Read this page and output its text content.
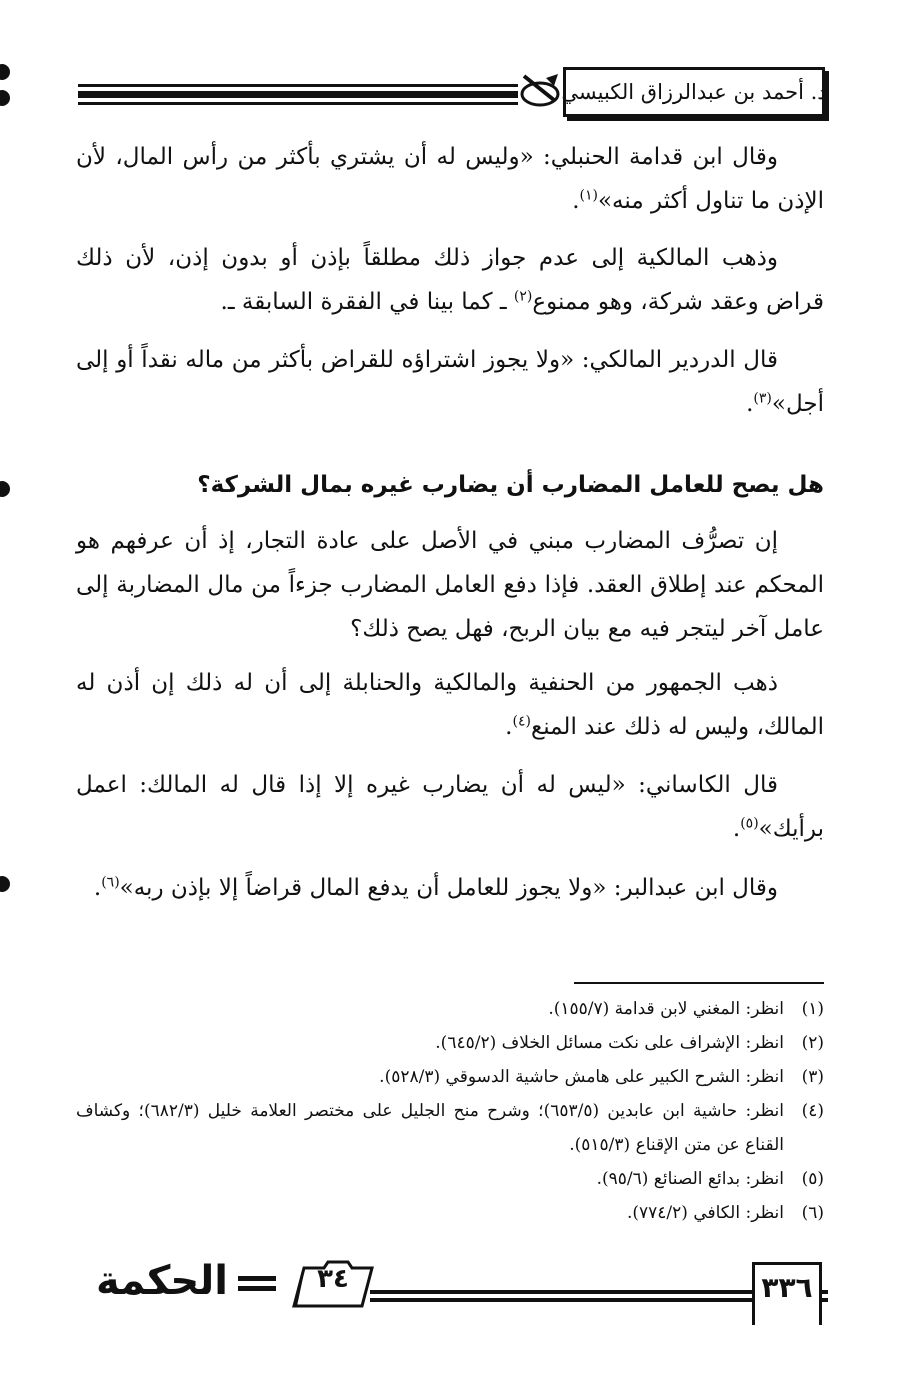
د. أحمد بن عبدالرزاق الكبيسي

وقال ابن قدامة الحنبلي: «وليس له أن يشتري بأكثر من رأس المال، لأن الإذن ما تناول أكثر منه»$^{(١)}$.

وذهب المالكية إلى عدم جواز ذلك مطلقاً بإذن أو بدون إذن، لأن ذلك قراض وعقد شركة، وهو ممنوع$^{(٢)}$ ـ كما بينا في الفقرة السابقة ـ.

قال الدردير المالكي: «ولا يجوز اشتراؤه للقراض بأكثر من ماله نقداً أو إلى أجل»$^{(٣)}$.

هل يصح للعامل المضارب أن يضارب غيره بمال الشركة؟

إن تصرُّف المضارب مبني في الأصل على عادة التجار، إذ أن عرفهم هو المحكم عند إطلاق العقد. فإذا دفع العامل المضارب جزءاً من مال المضاربة إلى عامل آخر ليتجر فيه مع بيان الربح، فهل يصح ذلك؟

ذهب الجمهور من الحنفية والمالكية والحنابلة إلى أن له ذلك إن أذن له المالك، وليس له ذلك عند المنع$^{(٤)}$.

قال الكاساني: «ليس له أن يضارب غيره إلا إذا قال له المالك: اعمل برأيك»$^{(٥)}$.

وقال ابن عبدالبر: «ولا يجوز للعامل أن يدفع المال قراضاً إلا بإذن ربه»$^{(٦)}$.

(١)
انظر: المغني لابن قدامة (١٥٥/٧).
(٢)
انظر: الإشراف على نكت مسائل الخلاف (٦٤٥/٢).
(٣)
انظر: الشرح الكبير على هامش حاشية الدسوقي (٥٢٨/٣).
(٤)
انظر: حاشية ابن عابدين (٦٥٣/٥)؛ وشرح منح الجليل على مختصر العلامة خليل (٦٨٢/٣)؛ وكشاف القناع عن متن الإقناع (٥١٥/٣).
(٥)
انظر: بدائع الصنائع (٩٥/٦).
(٦)
انظر: الكافي (٧٧٤/٢).
٣٣٦
٣٤
الحكمة
